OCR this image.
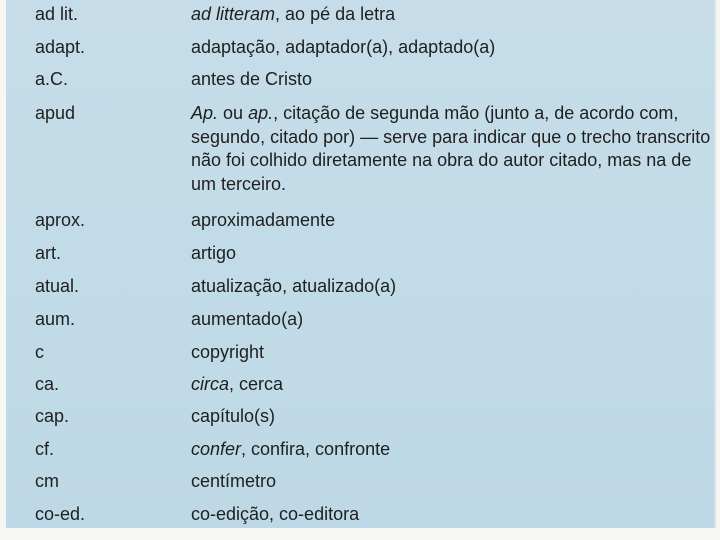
ad lit.	ad litteram, ao pé da letra
adapt.	adaptação, adaptador(a), adaptado(a)
a.C.	antes de Cristo
apud	Ap. ou ap., citação de segunda mão (junto a, de acordo com, segundo, citado por) — serve para indicar que o trecho transcrito não foi colhido diretamente na obra do autor citado, mas na de um terceiro.
aprox.	aproximadamente
art.	artigo
atual.	atualização, atualizado(a)
aum.	aumentado(a)
c	copyright
ca.	circa, cerca
cap.	capítulo(s)
cf.	confer, confira, confronte
cm	centímetro
co-ed.	co-edição, co-editora
